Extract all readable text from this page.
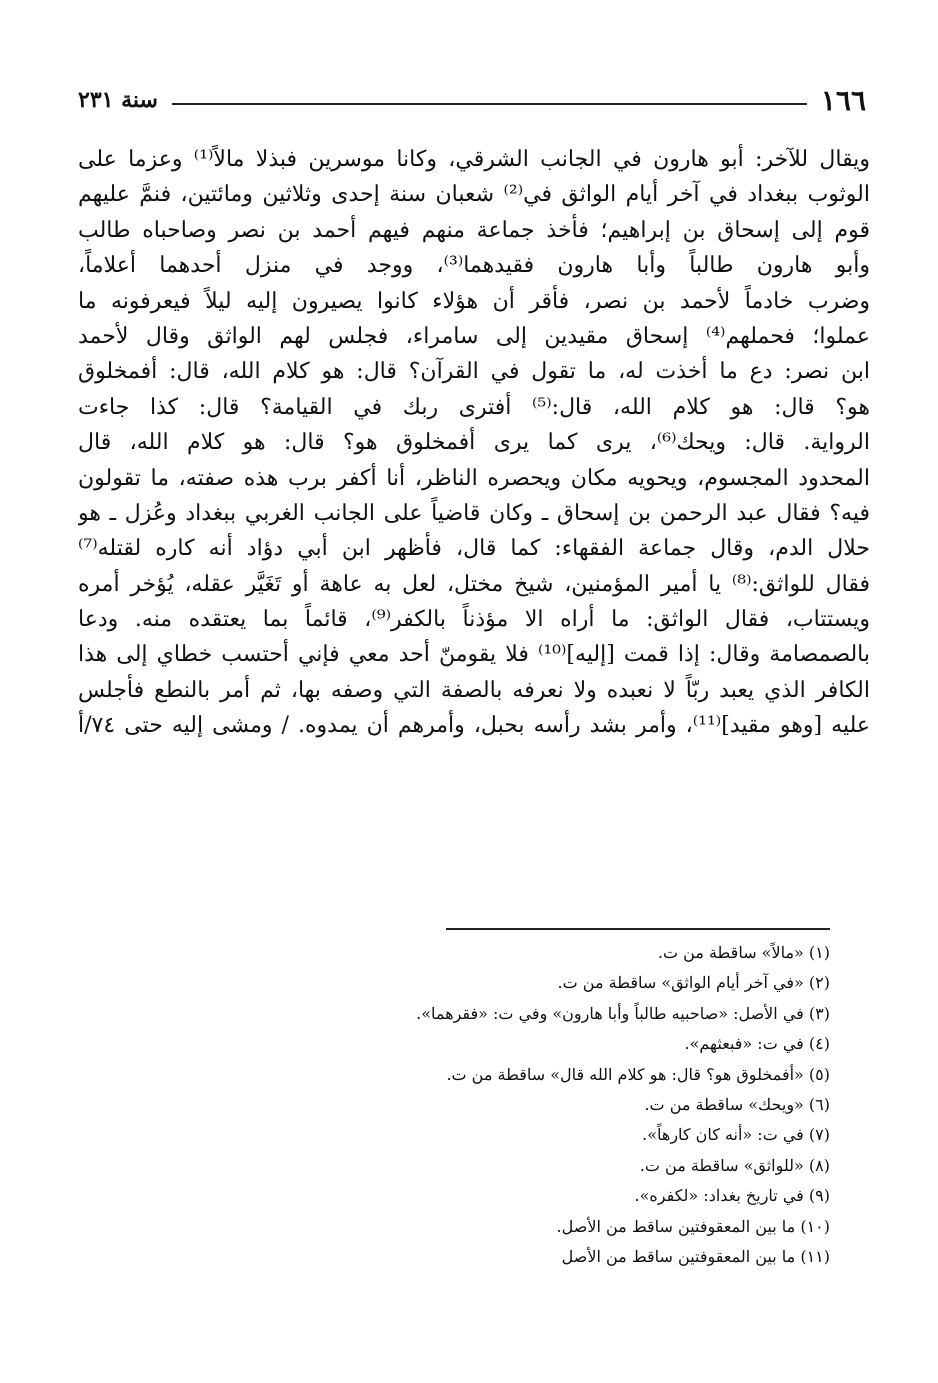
١٦٦
سنة ٢٣١
ويقال للآخر: أبو هارون في الجانب الشرقي، وكانا موسرين فبذلا مالاً⁽¹⁾ وعزما على
الوثوب ببغداد في آخر أيام الواثق في⁽²⁾ شعبان سنة إحدى وثلاثين ومائتين، فنمَّ عليهم
قوم إلى إسحاق بن إبراهيم؛ فأخذ جماعة منهم فيهم أحمد بن نصر وصاحباه طالب
وأبو هارون طالباً وأبا هارون فقيدهما⁽³⁾، ووجد في منزل أحدهما أعلاماً،
وضرب خادماً لأحمد بن نصر، فأقر أن هؤلاء كانوا يصيرون إليه ليلاً فيعرفونه ما
عملوا؛ فحملهم⁽⁴⁾ إسحاق مقيدين إلى سامراء، فجلس لهم الواثق وقال لأحمد
ابن نصر: دع ما أخذت له، ما تقول في القرآن؟ قال: هو كلام الله، قال: أفمخلوق
هو؟ قال: هو كلام الله، قال:⁽⁵⁾ أفترى ربك في القيامة؟ قال: كذا جاءت
الرواية. قال: ويحك⁽⁶⁾، يرى كما يرى أفمخلوق هو؟ قال: هو كلام الله، قال
المحدود المجسوم، ويحويه مكان ويحصره الناظر، أنا أكفر برب هذه صفته، ما تقولون
فيه؟ فقال عبد الرحمن بن إسحاق ـ وكان قاضياً على الجانب الغربي ببغداد وعُزل ـ هو
حلال الدم، وقال جماعة الفقهاء: كما قال، فأظهر ابن أبي دؤاد أنه كاره لقتله⁽⁷⁾
فقال للواثق:⁽⁸⁾ يا أمير المؤمنين، شيخ مختل، لعل به عاهة أو تَغَيَّر عقله، يُؤخر أمره
ويستتاب، فقال الواثق: ما أراه الا مؤذناً بالكفر⁽⁹⁾، قائماً بما يعتقده منه. ودعا
بالصمصامة وقال: إذا قمت [إليه]⁽¹⁰⁾ فلا يقومنّ أحد معي فإني أحتسب خطاي إلى هذا
الكافر الذي يعبد ربّاً لا نعبده ولا نعرفه بالصفة التي وصفه بها، ثم أمر بالنطع فأجلس
عليه [وهو مقيد]⁽¹¹⁾، وأمر بشد رأسه بحبل، وأمرهم أن يمدوه. / ومشى إليه حتى ٧٤/أ
(١) «مالاً» ساقطة من ت.
(٢) «في آخر أيام الواثق» ساقطة من ت.
(٣) في الأصل: «صاحبيه طالباً وأبا هارون» وفي ت: «فقرهما».
(٤) في ت: «فبعثهم».
(٥) «أفمخلوق هو؟ قال: هو كلام الله قال» ساقطة من ت.
(٦) «ويحك» ساقطة من ت.
(٧) في ت: «أنه كان كارهاً».
(٨) «للواثق» ساقطة من ت.
(٩) في تاريخ بغداد: «لكفره».
(١٠) ما بين المعقوفتين ساقط من الأصل.
(١١) ما بين المعقوفتين ساقط من الأصل
